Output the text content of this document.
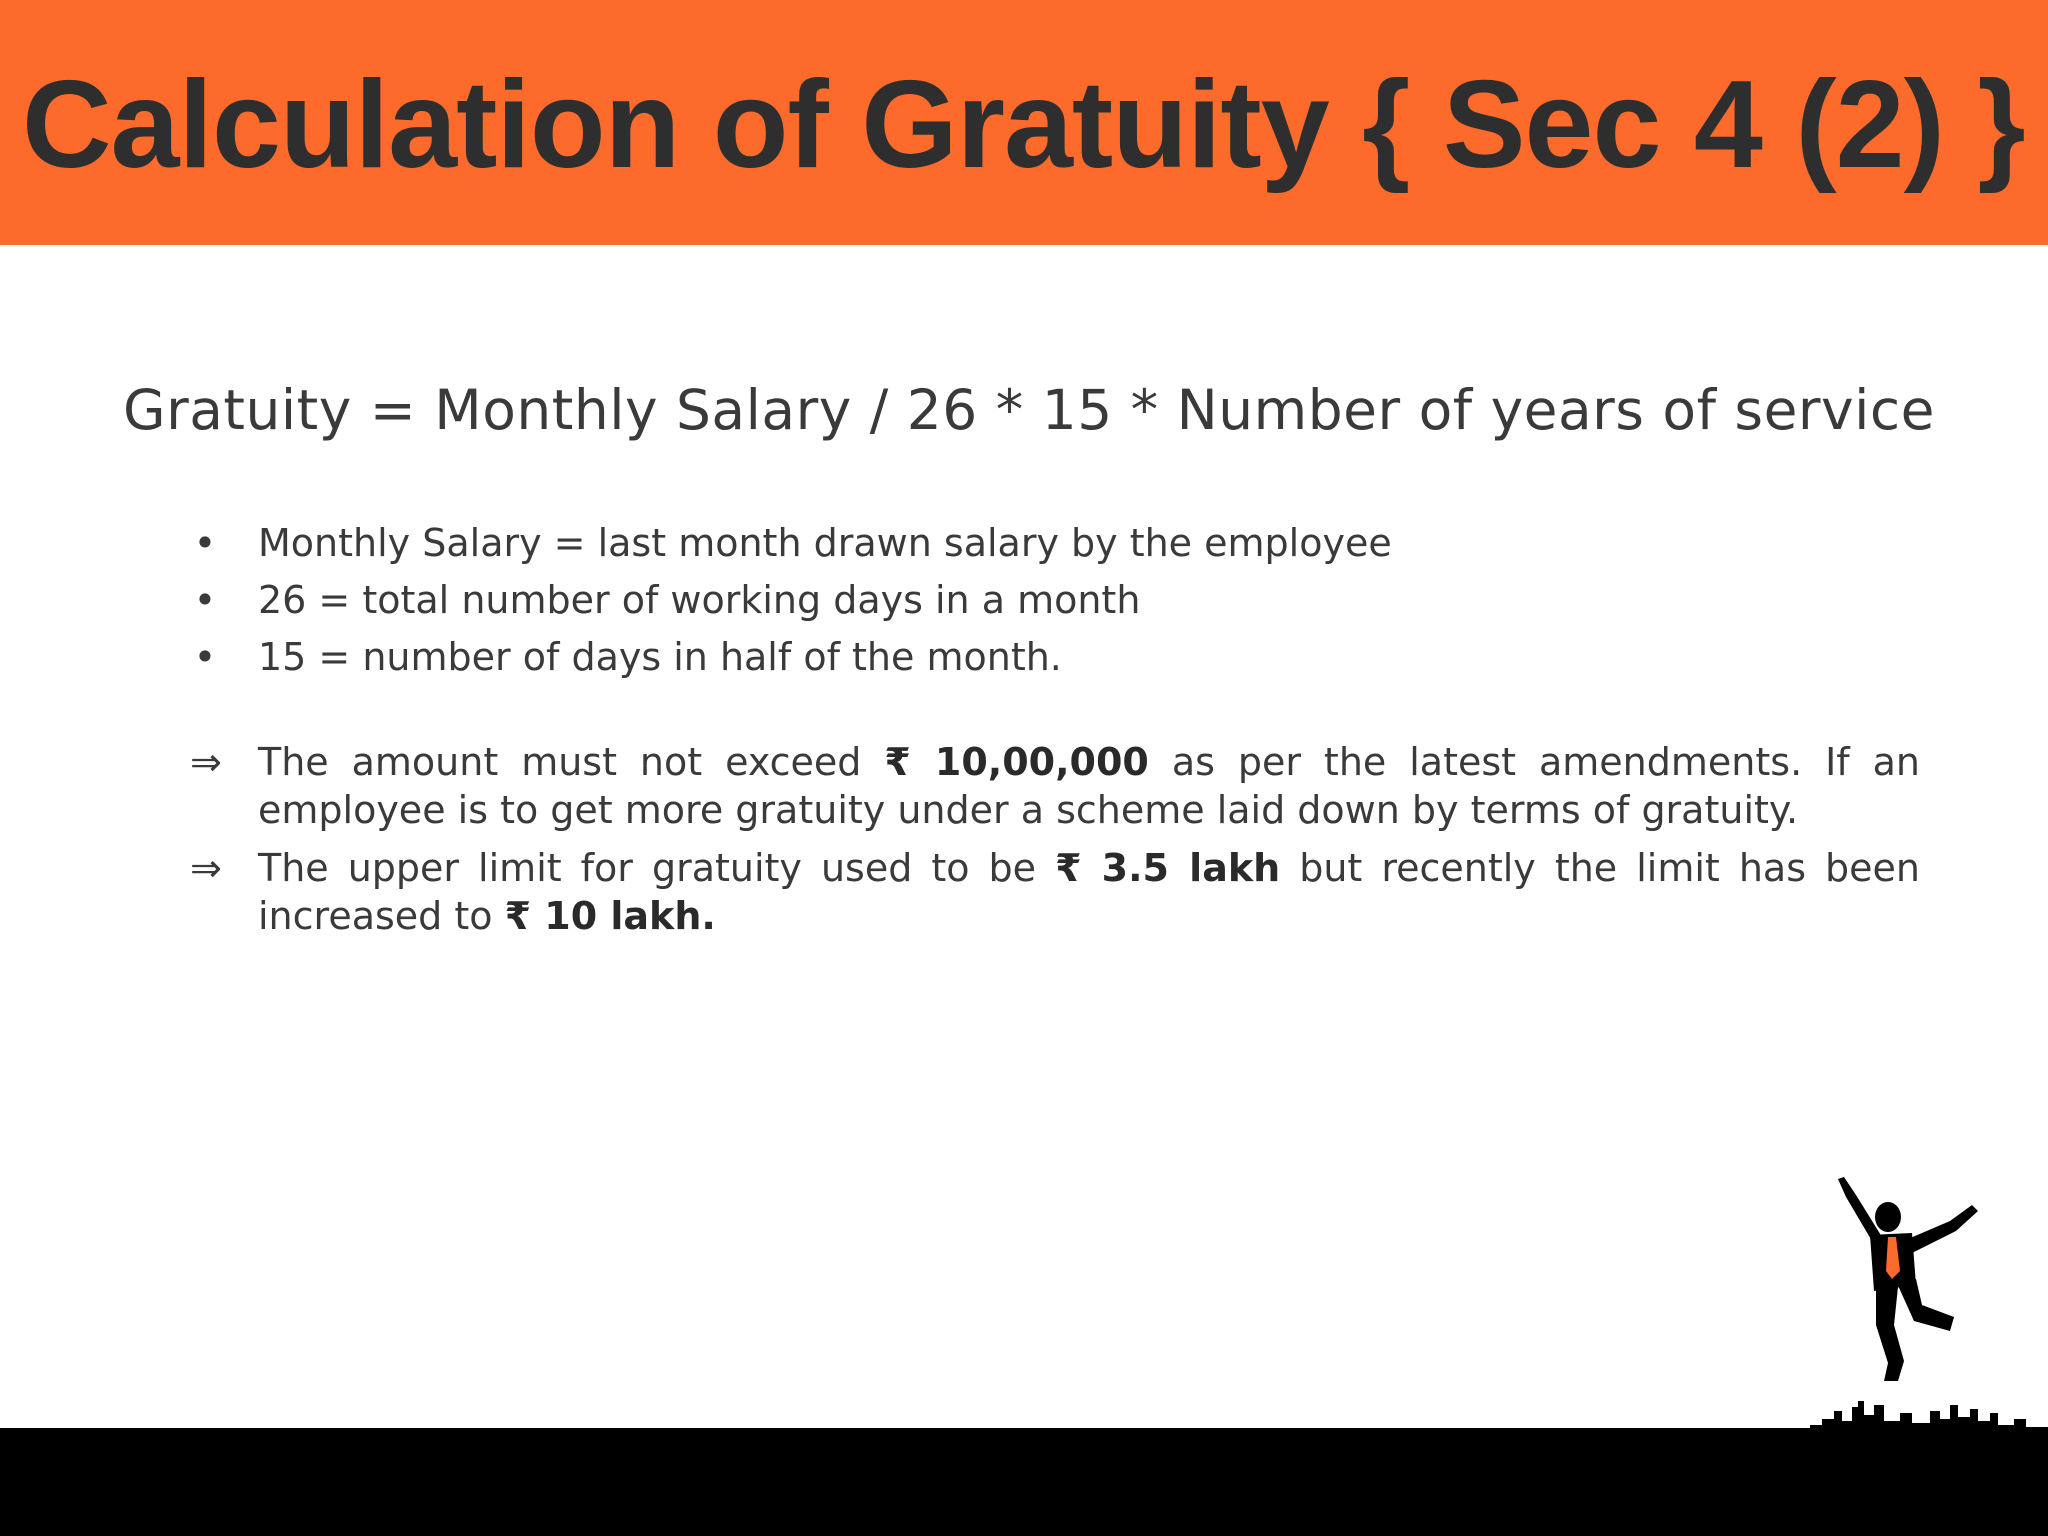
Calculation of Gratuity { Sec 4 (2) }
Gratuity = Monthly Salary / 26 * 15 * Number of years of service
• Monthly Salary = last month drawn salary by the employee
• 26 = total number of working days in a month
• 15 = number of days in half of the month.
⇒ The amount must not exceed ₹ 10,00,000 as per the latest amendments. If an employee is to get more gratuity under a scheme laid down by terms of gratuity.
⇒ The upper limit for gratuity used to be ₹ 3.5 lakh but recently the limit has been increased to ₹ 10 lakh.
